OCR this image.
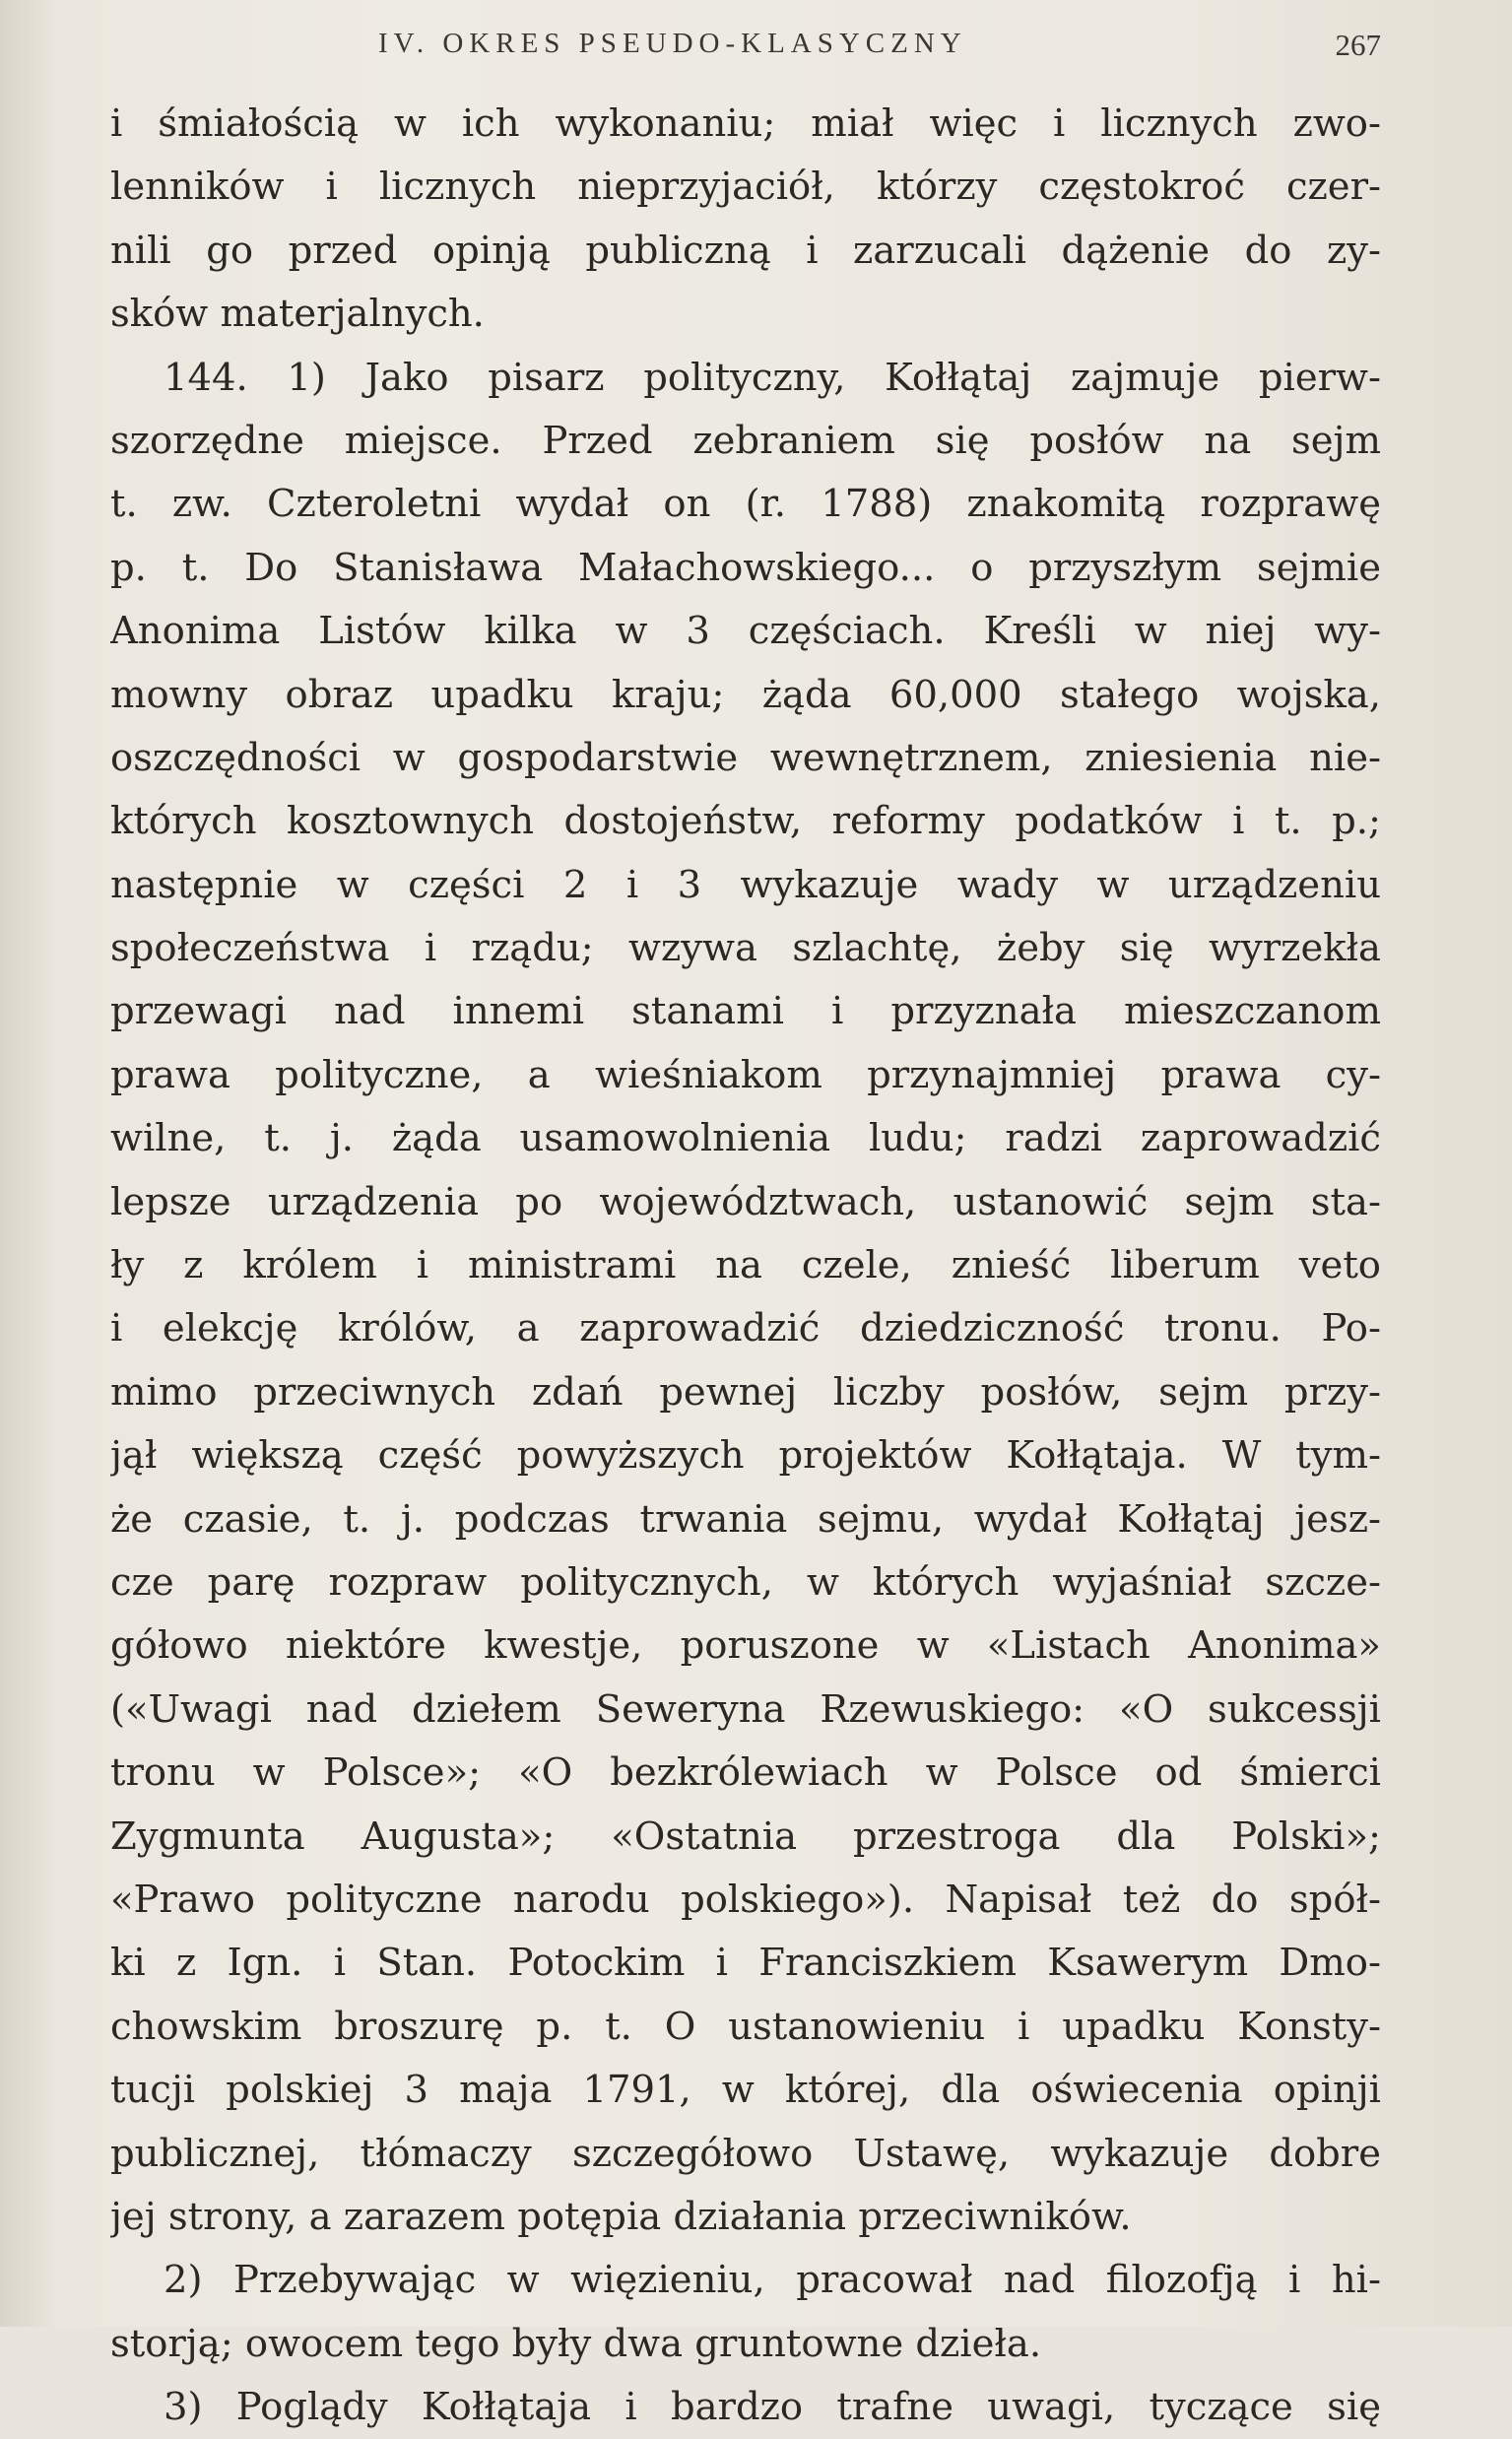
IV. OKRES PSEUDO-KLASYCZNY	267
i śmiałością w ich wykonaniu; miał więc i licznych zwo-
lenników i licznych nieprzyjaciół, którzy częstokroć czer-
nili go przed opinją publiczną i zarzucali dążenie do zy-
sków materjalnych.
144. 1) Jako pisarz polityczny, Kołłątaj zajmuje pierw-
szorzędne miejsce. Przed zebraniem się posłów na sejm
t. zw. Czteroletni wydał on (r. 1788) znakomitą rozprawę
p. t. Do Stanisława Małachowskiego... o przyszłym sejmie
Anonima Listów kilka w 3 częściach. Kreśli w niej wy-
mowny obraz upadku kraju; żąda 60,000 stałego wojska,
oszczędności w gospodarstwie wewnętrznem, zniesienia nie-
których kosztownych dostojeństw, reformy podatków i t. p.;
następnie w części 2 i 3 wykazuje wady w urządzeniu
społeczeństwa i rządu; wzywa szlachtę, żeby się wyrzekła
przewagi nad innemi stanami i przyznała mieszczanom
prawa polityczne, a wieśniakom przynajmniej prawa cy-
wilne, t. j. żąda usamowolnienia ludu; radzi zaprowadzić
lepsze urządzenia po województwach, ustanowić sejm sta-
ły z królem i ministrami na czele, znieść liberum veto
i elekcję królów, a zaprowadzić dziedziczność tronu. Po-
mimo przeciwnych zdań pewnej liczby posłów, sejm przy-
jął większą część powyższych projektów Kołłątaja. W tym-
że czasie, t. j. podczas trwania sejmu, wydał Kołłątaj jesz-
cze parę rozpraw politycznych, w których wyjaśniał szcze-
gółowo niektóre kwestje, poruszone w «Listach Anonima»
(«Uwagi nad dziełem Seweryna Rzewuskiego: «O sukcessji
tronu w Polsce»; «O bezkrólewiach w Polsce od śmierci
Zygmunta Augusta»; «Ostatnia przestroga dla Polski»;
«Prawo polityczne narodu polskiego»). Napisał też do spół-
ki z Ign. i Stan. Potockim i Franciszkiem Ksawerym Dmo-
chowskim broszurę p. t. O ustanowieniu i upadku Konsty-
tucji polskiej 3 maja 1791, w której, dla oświecenia opinji
publicznej, tłómaczy szczegółowo Ustawę, wykazuje dobre
jej strony, a zarazem potępia działania przeciwników.
2) Przebywając w więzieniu, pracował nad filozofją i hi-
storją; owocem tego były dwa gruntowne dzieła.
3) Poglądy Kołłątaja i bardzo trafne uwagi, tyczące się
